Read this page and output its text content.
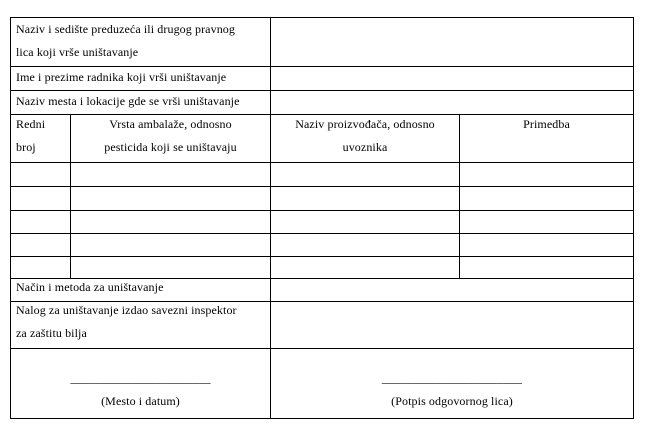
Naziv i sedište preduzeća ili drugog pravnog
lica koji vrše uništavanje
Ime i prezime radnika koji vrši uništavanje
Naziv mesta i lokacije gde se vrši uništavanje
Redni
broj
Vrsta ambalaže, odnosno
pesticida koji se uništavaju
Naziv proizvođača, odnosno
uvoznika
Primedba
Način i metoda za uništavanje
Nalog za uništavanje izdao savezni inspektor
za zaštitu bilja
_______________________
(Mesto i datum)
_______________________
(Potpis odgovornog lica)
